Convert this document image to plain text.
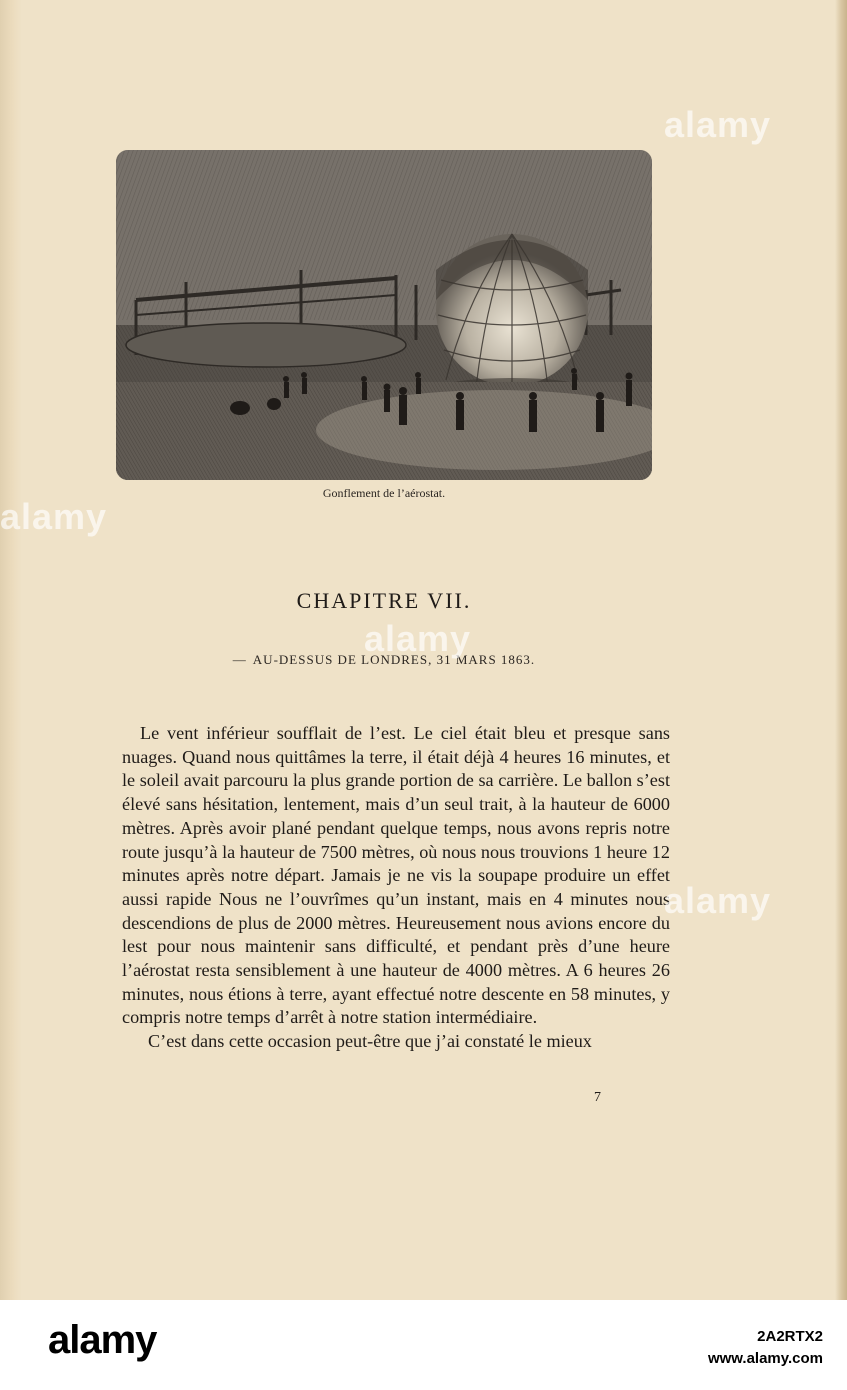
Gonflement de l’aérostat.
CHAPITRE VII.
— AU-DESSUS DE LONDRES, 31 MARS 1863.

Le vent inférieur soufflait de l’est. Le ciel était bleu et presque sans nuages. Quand nous quittâmes la terre, il était déjà 4 heures 16 minutes, et le soleil avait parcouru la plus grande portion de sa carrière. Le ballon s’est élevé sans hésitation, lentement, mais d’un seul trait, à la hauteur de 6000 mètres. Après avoir plané pendant quelque temps, nous avons repris notre route jusqu’à la hauteur de 7500 mètres, où nous nous trouvions 1 heure 12 minutes après notre départ. Jamais je ne vis la soupape produire un effet aussi rapide Nous ne l’ouvrîmes qu’un instant, mais en 4 minutes nous descendions de plus de 2000 mètres. Heureusement nous avions encore du lest pour nous maintenir sans difficulté, et pendant près d’une heure l’aérostat resta sensiblement à une hauteur de 4000 mètres. A 6 heures 26 minutes, nous étions à terre, ayant effectué notre descente en 58 minutes, y compris notre temps d’arrêt à notre station intermédiaire.

C’est dans cette occasion peut-être que j’ai constaté le mieux

7
alamy
alamy
alamy
alamy
alamy	2A2RTX2
www.alamy.com
